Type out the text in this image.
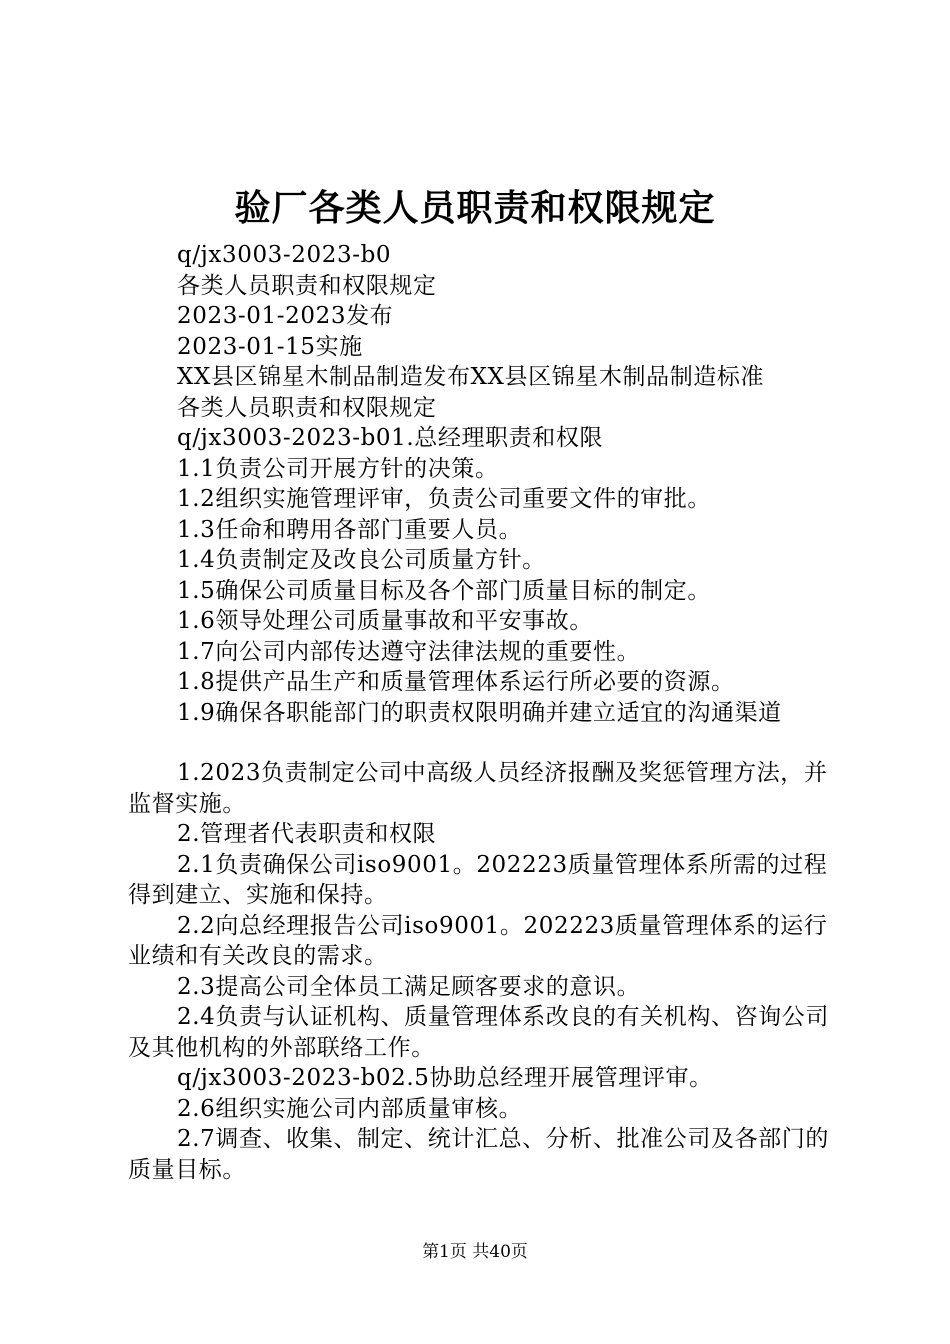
验厂各类人员职责和权限规定

q/jx3003-2023-b0

各类人员职责和权限规定

2023-01-2023发布

2023-01-15实施

XX县区锦星木制品制造发布XX县区锦星木制品制造标准

各类人员职责和权限规定

q/jx3003-2023-b01.总经理职责和权限

1.1负责公司开展方针的决策。

1.2组织实施管理评审，负责公司重要文件的审批。

1.3任命和聘用各部门重要人员。

1.4负责制定及改良公司质量方针。

1.5确保公司质量目标及各个部门质量目标的制定。

1.6领导处理公司质量事故和平安事故。

1.7向公司内部传达遵守法律法规的重要性。

1.8提供产品生产和质量管理体系运行所必要的资源。

1.9确保各职能部门的职责权限明确并建立适宜的沟通渠道

1.2023负责制定公司中高级人员经济报酬及奖惩管理方法，并监督实施。

2.管理者代表职责和权限

2.1负责确保公司iso9001。202223质量管理体系所需的过程得到建立、实施和保持。

2.2向总经理报告公司iso9001。202223质量管理体系的运行业绩和有关改良的需求。

2.3提高公司全体员工满足顾客要求的意识。

2.4负责与认证机构、质量管理体系改良的有关机构、咨询公司及其他机构的外部联络工作。

q/jx3003-2023-b02.5协助总经理开展管理评审。

2.6组织实施公司内部质量审核。

2.7调查、收集、制定、统计汇总、分析、批准公司及各部门的质量目标。

第1页 共40页
